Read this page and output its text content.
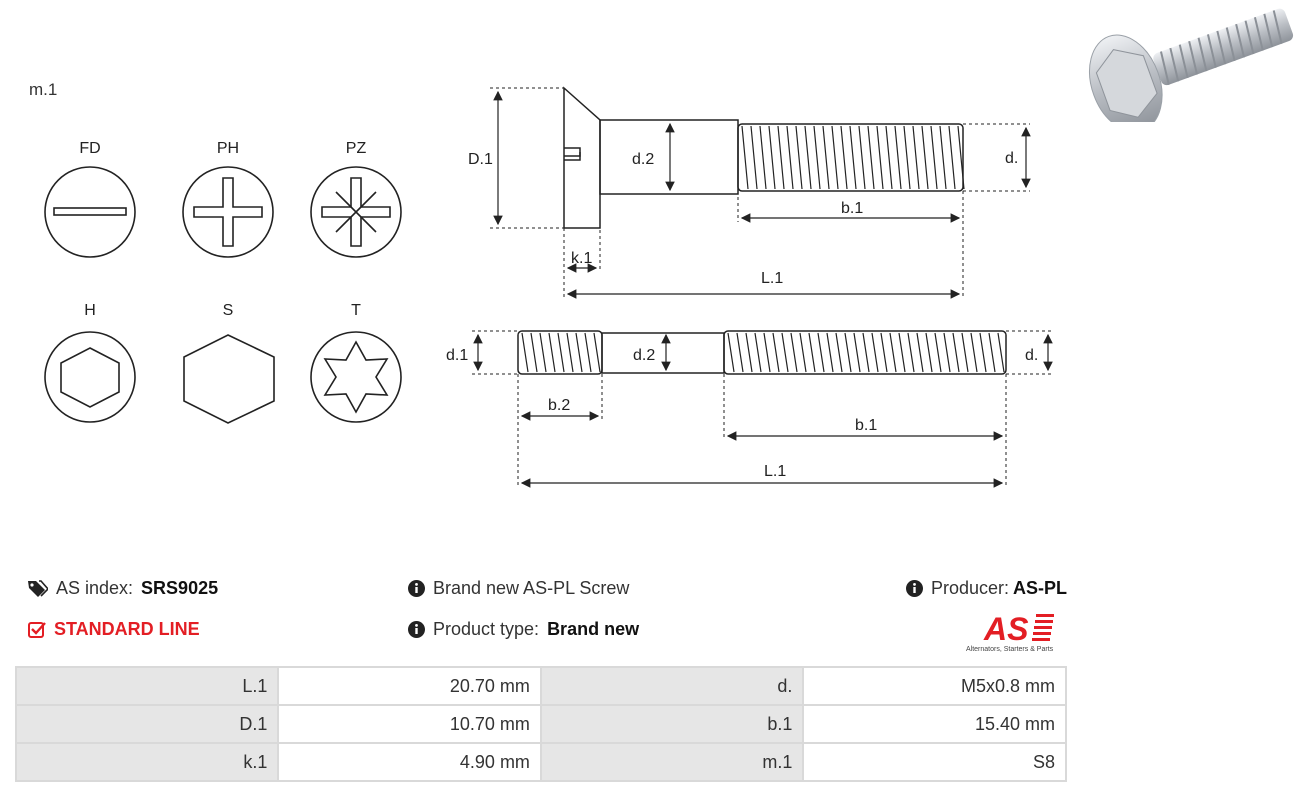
m.1
FD	PH	PZ
H	S	T
D.1	d.2	d.
b.1
k.1
L.1
d.1	d.2	d.
b.2
b.1
L.1
AS index: SRS9025	Brand new AS-PL Screw	Producer: AS-PL
STANDARD LINE	Product type: Brand new	AS
Alternators, Starters & Parts
L.1	20.70 mm	d.	M5x0.8 mm
D.1	10.70 mm	b.1	15.40 mm
k.1	4.90 mm	m.1	S8
